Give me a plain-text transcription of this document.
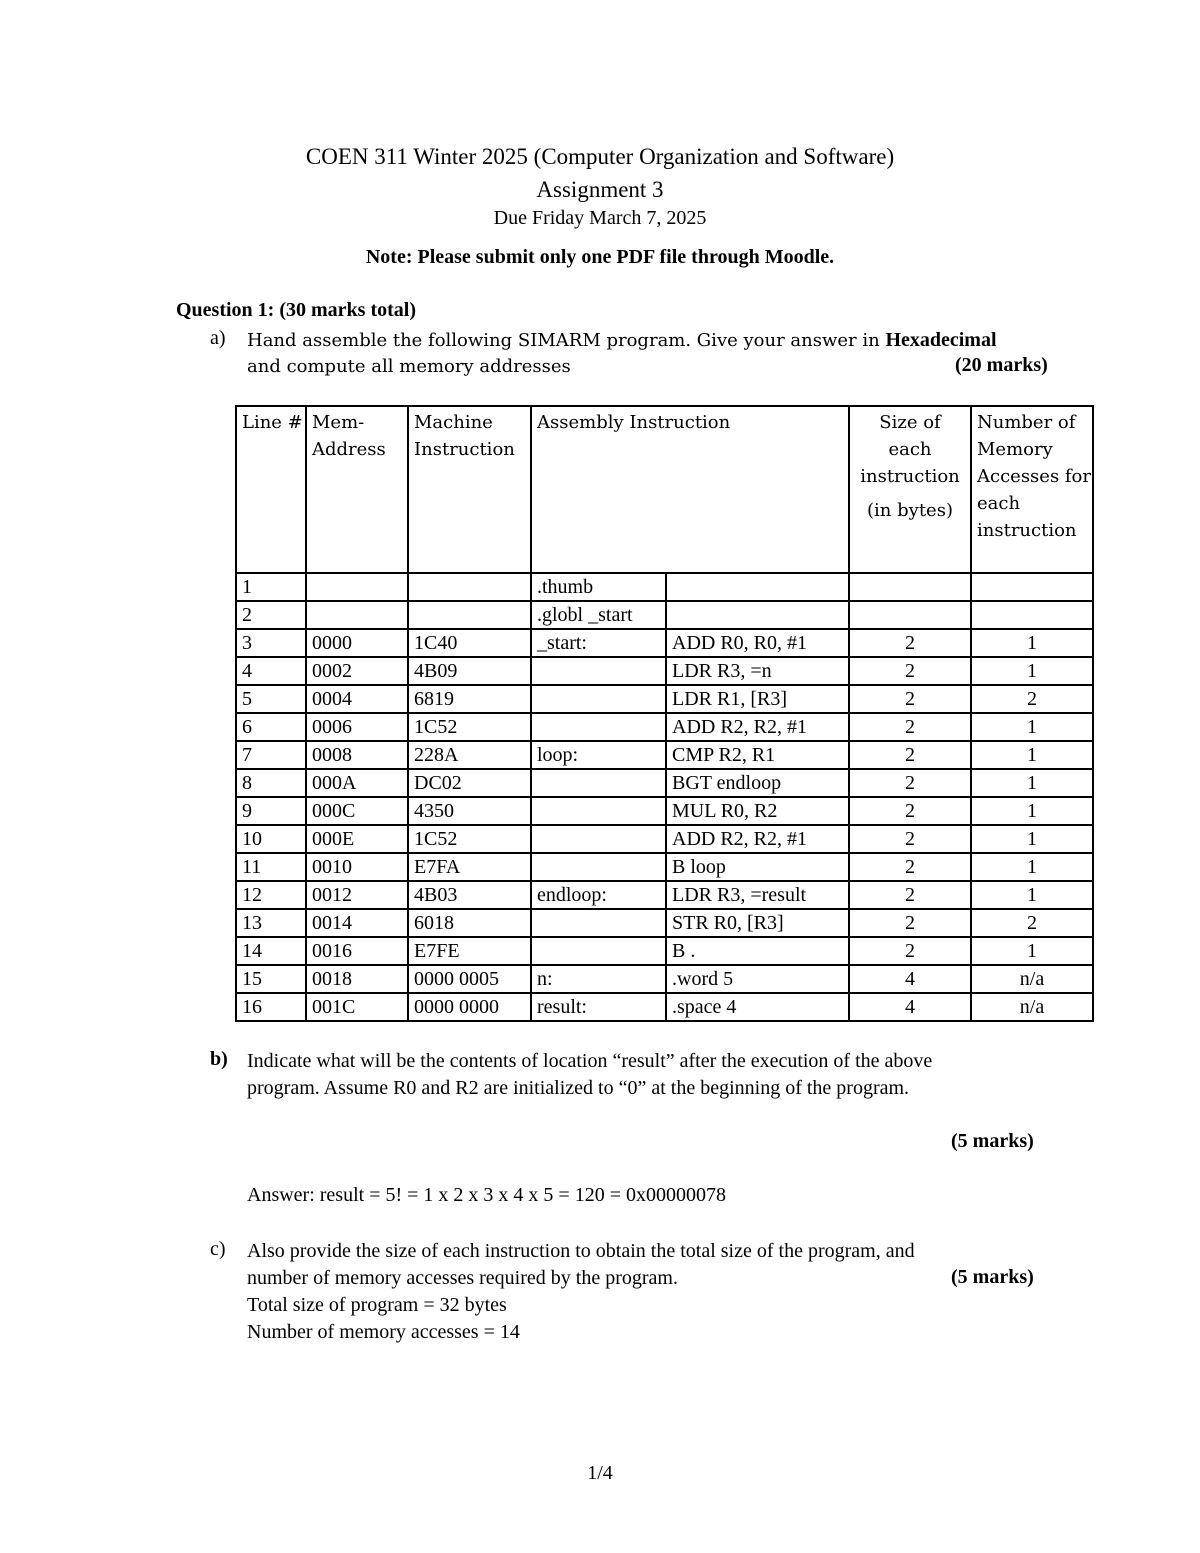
COEN 311 Winter 2025 (Computer Organization and Software)
Assignment 3
Due Friday March 7, 2025
Note: Please submit only one PDF file through Moodle.
Question 1: (30 marks total)
a) Hand assemble the following SIMARM program. Give your answer in Hexadecimal
and compute all memory addresses	(20 marks)
Line #	Mem- Address	Machine Instruction	Assembly Instruction		Size of
each
instruction
(in bytes)	Number of Memory Accesses for each instruction
1			.thumb			
2			.globl _start			
3	0000	1C40	_start:	ADD R0, R0, #1	2	1
4	0002	4B09		LDR R3, =n	2	1
5	0004	6819		LDR R1, [R3]	2	2
6	0006	1C52		ADD R2, R2, #1	2	1
7	0008	228A	loop:	CMP R2, R1	2	1
8	000A	DC02		BGT endloop	2	1
9	000C	4350		MUL R0, R2	2	1
10	000E	1C52		ADD R2, R2, #1	2	1
11	0010	E7FA		B loop	2	1
12	0012	4B03	endloop:	LDR R3, =result	2	1
13	0014	6018		STR R0, [R3]	2	2
14	0016	E7FE		B .	2	1
15	0018	0000 0005	n:	.word 5	4	n/a
16	001C	0000 0000	result:	.space 4	4	n/a
b) Indicate what will be the contents of location “result” after the execution of the above
program. Assume R0 and R2 are initialized to “0” at the beginning of the program.
(5 marks)
Answer: result = 5! = 1 x 2 x 3 x 4 x 5 = 120 = 0x00000078
c) Also provide the size of each instruction to obtain the total size of the program, and
number of memory accesses required by the program.	(5 marks)
Total size of program = 32 bytes
Number of memory accesses = 14
1/4
